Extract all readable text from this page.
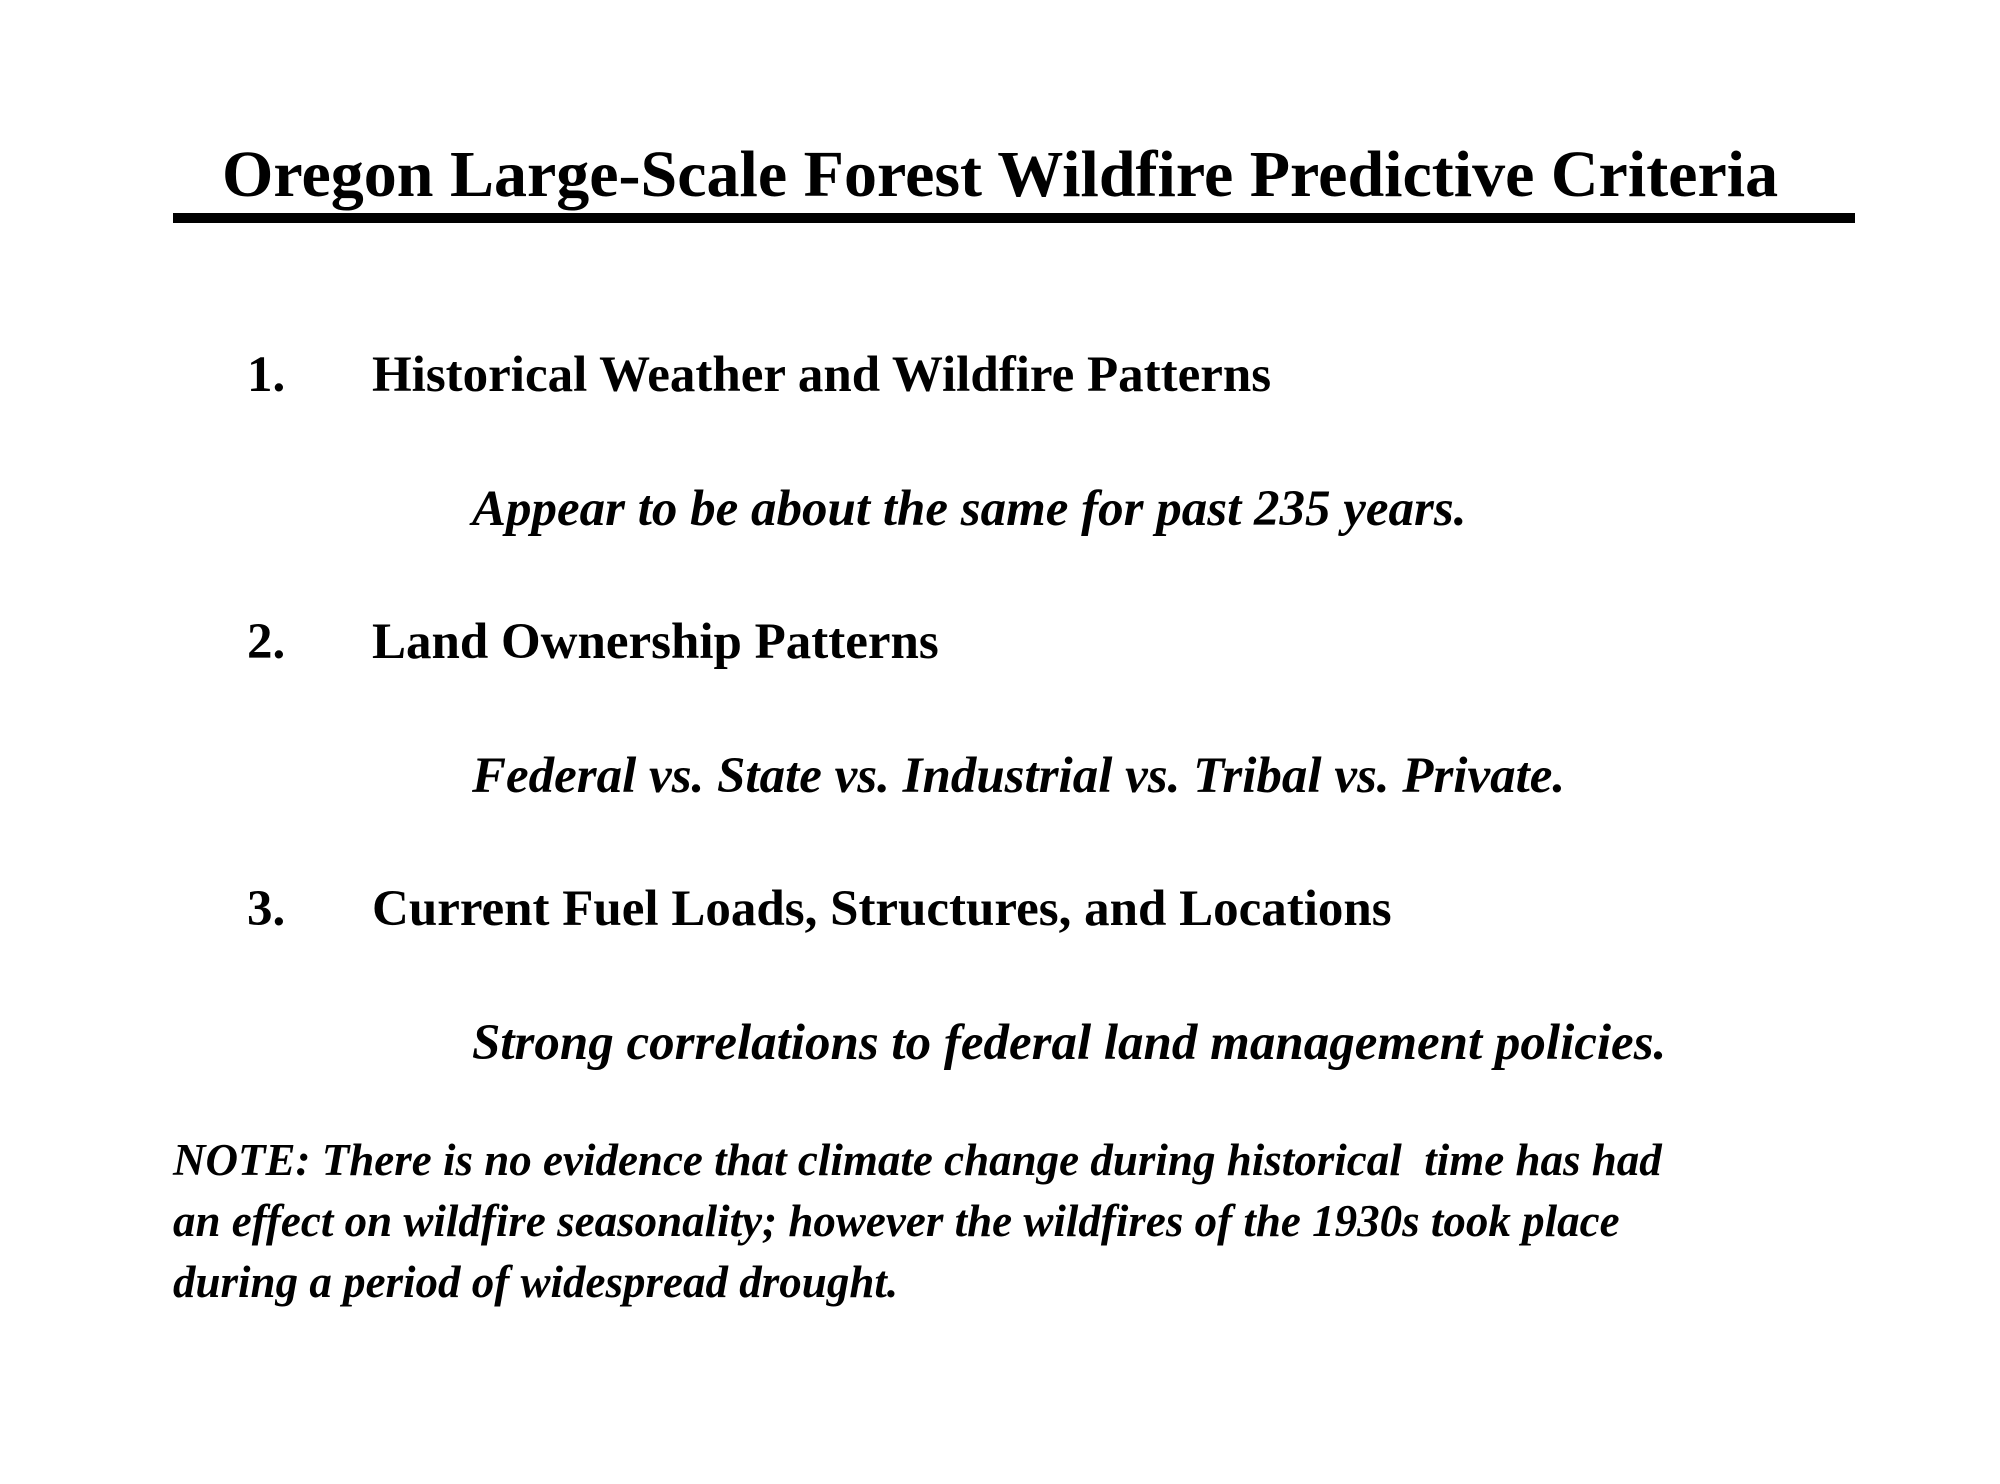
Oregon Large-Scale Forest Wildfire Predictive Criteria
1. Historical Weather and Wildfire Patterns
Appear to be about the same for past 235 years.
2. Land Ownership Patterns
Federal vs. State vs. Industrial vs. Tribal vs. Private.
3. Current Fuel Loads, Structures, and Locations
Strong correlations to federal land management policies.
NOTE: There is no evidence that climate change during historical  time has had
an effect on wildfire seasonality; however the wildfires of the 1930s took place
during a period of widespread drought.
